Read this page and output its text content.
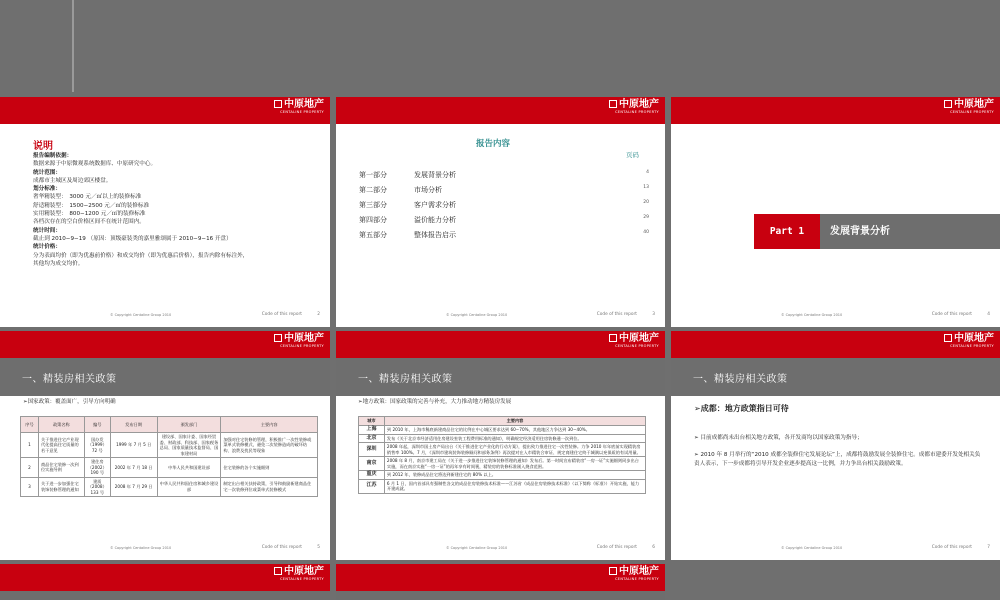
中原地产
CENTALINE PROPERTY
说明
报告编制依据：
数据来源于中原微观系统数据库、中原研究中心。
统计范围：
成都市主城区及周边郊区楼盘。
划分标准：
奢华精装型：　3000 元／㎡以上的装修标准
舒适精装型：　1500−2500 元／㎡的装修标准
实用精装型：　800−1200 元／㎡的装修标准
各档次存在的空白价格区间不在统计范围内。
统计时间：
截止到 2010−9−19 （原因：顶级豪装类的嘉里雅颂属于 2010−9−16 开盘）
统计价格：
分为表面均价（即为优惠前价格）和成交均价（即为优惠后价格），报告内除有标注外，
其他均为成交均价。
© Copyright Centaline Group 2010	Code of this report	2
中原地产
CENTALINE PROPERTY
报告内容
页码
第一部分	发展背景分析	4
第二部分	市场分析	13
第三部分	客户需求分析	20
第四部分	溢价能力分析	29
第五部分	整体报告启示	40
© Copyright Centaline Group 2010	Code of this report	3
中原地产
CENTALINE PROPERTY
Part 1	发展背景分析
© Copyright Centaline Group 2010	Code of this report	4
中原地产
CENTALINE PROPERTY
一、精装房相关政策
➢国家政策：覆盖面广，引导方向明确
序号	政策名称	编号	发布日期	颁发部门	主要内容
1	关于推进住宅产业现代化提高住宅质量的若干意见	国办发（1999）72 号	1999 年 7 月 5 日	建设部、国家计委、国家经贸委、财政部、科技部、国家税务总局、国家质量技术监督局、国家建材局	加强对住宅装修的管理，积极推广一次性装修或菜单式装修模式，避免二次装修造成的破坏结构、浪费及扰民等现象
2	商品住宅装修一次到位实施导则	建住房（2002）190 号	2002 年 7 月 18 日	中华人民共和国建设部	住宅装修的各个实施细则
3	关于进一步加强住宅装饰装修管理的通知	建质（2008）133 号	2008 年 7 月 29 日	中华人民共和国住房和城乡建设部	制定出台相关扶持政策，引导和鼓励新建商品住宅一次装修到位或菜单式装修模式
© Copyright Centaline Group 2010	Code of this report	5
中原地产
CENTALINE PROPERTY
一、精装房相关政策
➢地方政策：国家政策的完善与补充，大力推动地方精装房发展
城市	主要内容
上海	到 2010 年，上海市稀底新建商品住宅的比例在中心城区要求达到 60−70%，其他地区力争达到 30−40%。
北京	发布《关于北京市经济适用住房建设室装工程费用标准的通知》，明确规定经济适用住房装修通一次到位。
深圳	2008 年起，深圳市国土房产局出台《关于推进住宅产业化的行动方案》，提出致力推进住宅一次性装修。力争 2010 年年底前实现精装房销售率 100%。7 月，《深圳市建筑装饰装修顾问和部务条例》再次提对在入市精装合审证、规定商建住宅终于城满以充保质的有试用量。
南京	2008 年 8 月，南京市建工局在《关于进一步推进住宅装饰装修管理的通知》发布后。第一时间宣布精装房“一房一证”实施细则同步出台实施，而在南京实施“一房一证”的再年享有时间裹，精装房的装修标准刚入烧食范围。
重庆	到 2012 年，装修成品住宅将达到新建住宅的 80% 以上。
江苏	6 月 1 日，国内首部具有强制性各文的成品住房装修技术标准——江苏省《成品住房装修技术标准》（以下简称《标准》）开始实施，能力开建成就。
© Copyright Centaline Group 2010	Code of this report	6
中原地产
CENTALINE PROPERTY
一、精装房相关政策
➢成都：地方政策指日可待
➢ 目前成都尚未出台相关地方政策，各开发商均以国家政策为指导；
➢ 2010 年 8 月举行的“2010 成都全装修住宅发展论坛”上，成都将鼓励发展全装修住宅。成都市建委开发处相关负责人表示，下一步成都将引导开发企业逐步提高这一比例，并力争出台相关鼓励政策。
© Copyright Centaline Group 2010	Code of this report	7
中原地产
CENTALINE PROPERTY
中原地产
CENTALINE PROPERTY
